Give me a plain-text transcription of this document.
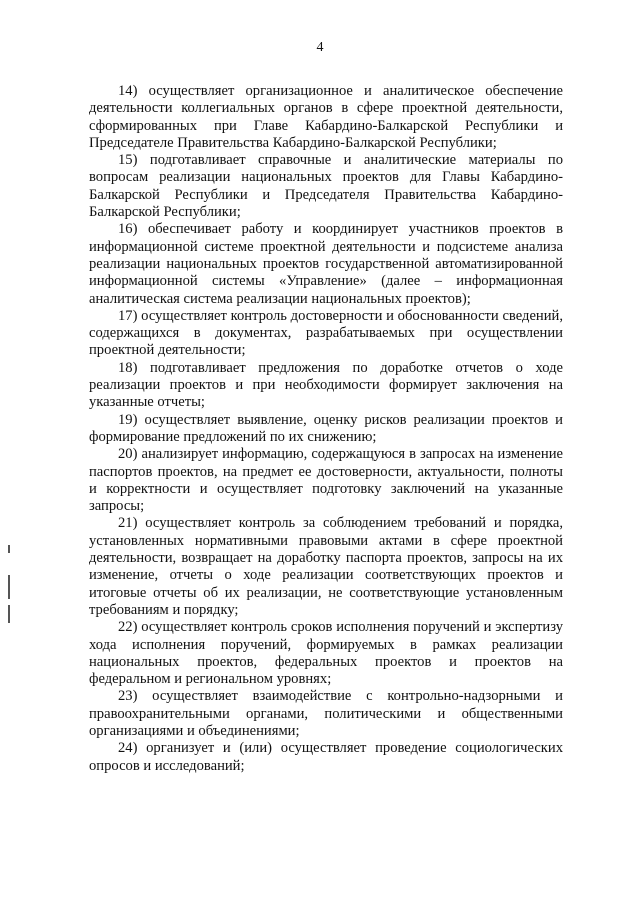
4

14) осуществляет организационное и аналитическое обеспечение деятельности коллегиальных органов в сфере проектной деятельности, сформированных при Главе Кабардино-Балкарской Республики и Председателе Правительства Кабардино-Балкарской Республики;

15) подготавливает справочные и аналитические материалы по вопросам реализации национальных проектов для Главы Кабардино-Балкарской Республики и Председателя Правительства Кабардино-Балкарской Республики;

16) обеспечивает работу и координирует участников проектов в информационной системе проектной деятельности и подсистеме анализа реализации национальных проектов государственной автоматизированной информационной системы «Управление» (далее – информационная аналитическая система реализации национальных проектов);

17) осуществляет контроль достоверности и обоснованности сведений, содержащихся в документах, разрабатываемых при осуществлении проектной деятельности;

18) подготавливает предложения по доработке отчетов о ходе реализации проектов и при необходимости формирует заключения на указанные отчеты;

19) осуществляет выявление, оценку рисков реализации проектов и формирование предложений по их снижению;

20) анализирует информацию, содержащуюся в запросах на изменение паспортов проектов, на предмет ее достоверности, актуальности, полноты и корректности и осуществляет подготовку заключений на указанные запросы;

21) осуществляет контроль за соблюдением требований и порядка, установленных нормативными правовыми актами в сфере проектной деятельности, возвращает на доработку паспорта проектов, запросы на их изменение, отчеты о ходе реализации соответствующих проектов и итоговые отчеты об их реализации, не соответствующие установленным требованиям и порядку;

22) осуществляет контроль сроков исполнения поручений и экспертизу хода исполнения поручений, формируемых в рамках реализации национальных проектов, федеральных проектов и проектов на федеральном и региональном уровнях;

23) осуществляет взаимодействие с контрольно-надзорными и правоохранительными органами, политическими и общественными организациями и объединениями;

24) организует и (или) осуществляет проведение социологических опросов и исследований;
